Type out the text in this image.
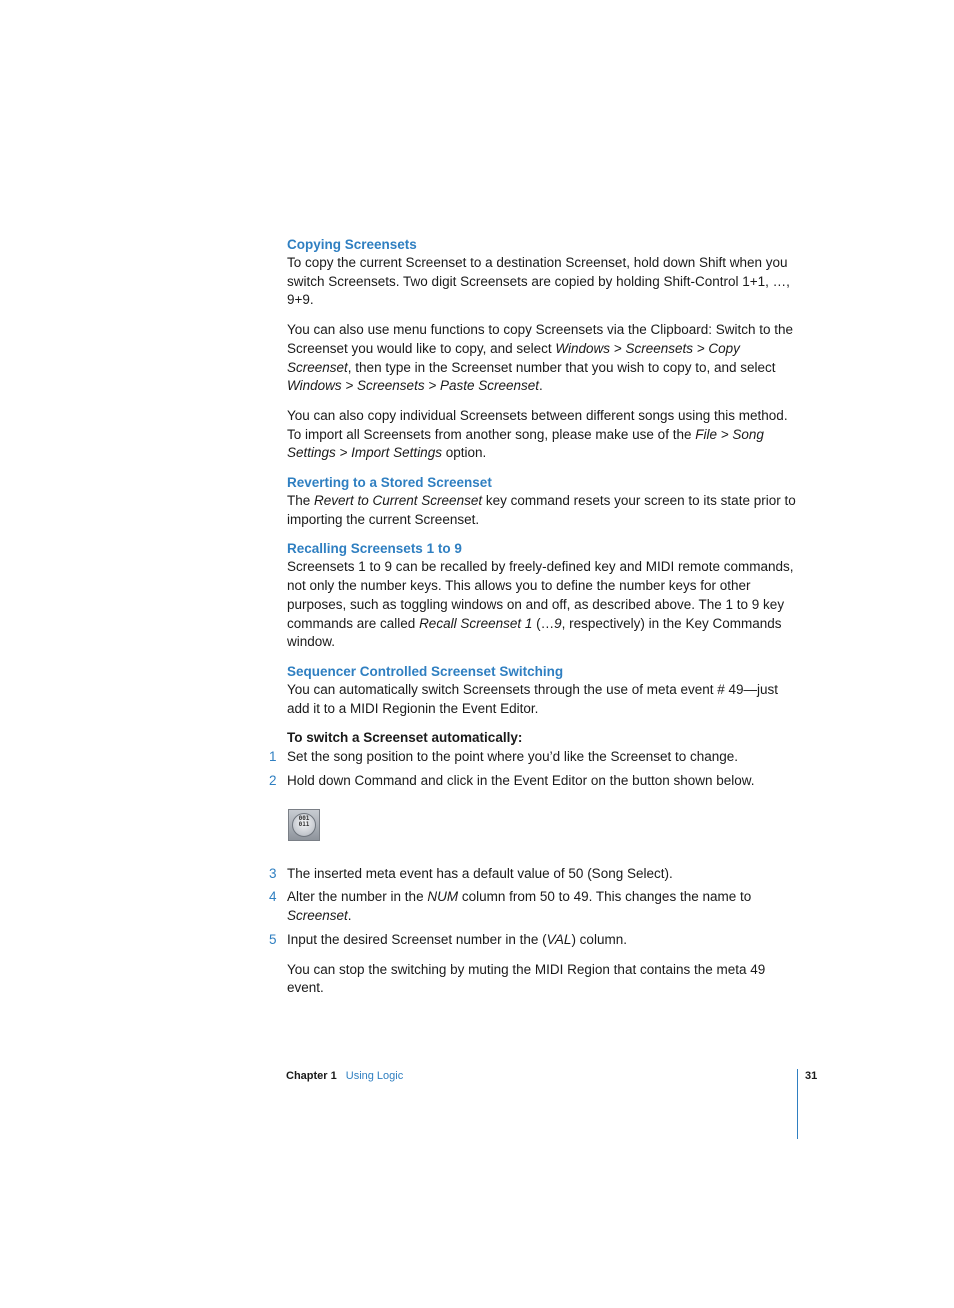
Copying Screensets

To copy the current Screenset to a destination Screenset, hold down Shift when you switch Screensets. Two digit Screensets are copied by holding Shift-Control 1+1, …, 9+9.

You can also use menu functions to copy Screensets via the Clipboard: Switch to the Screenset you would like to copy, and select Windows > Screensets > Copy Screenset, then type in the Screenset number that you wish to copy to, and select Windows > Screensets > Paste Screenset.

You can also copy individual Screensets between different songs using this method. To import all Screensets from another song, please make use of the File > Song Settings > Import Settings option.

Reverting to a Stored Screenset

The Revert to Current Screenset key command resets your screen to its state prior to importing the current Screenset.

Recalling Screensets 1 to 9

Screensets 1 to 9 can be recalled by freely-defined key and MIDI remote commands, not only the number keys. This allows you to define the number keys for other purposes, such as toggling windows on and off, as described above. The 1 to 9 key commands are called Recall Screenset 1 (…9, respectively) in the Key Commands window.

Sequencer Controlled Screenset Switching

You can automatically switch Screensets through the use of meta event # 49—just add it to a MIDI Regionin the Event Editor.

To switch a Screenset automatically:

1 Set the song position to the point where you’d like the Screenset to change.
2 Hold down Command and click in the Event Editor on the button shown below.
001
011
3 The inserted meta event has a default value of 50 (Song Select).
4 Alter the number in the NUM column from 50 to 49. This changes the name to Screenset.
5 Input the desired Screenset number in the (VAL) column.

You can stop the switching by muting the MIDI Region that contains the meta 49 event.

Chapter 1 Using Logic	31
